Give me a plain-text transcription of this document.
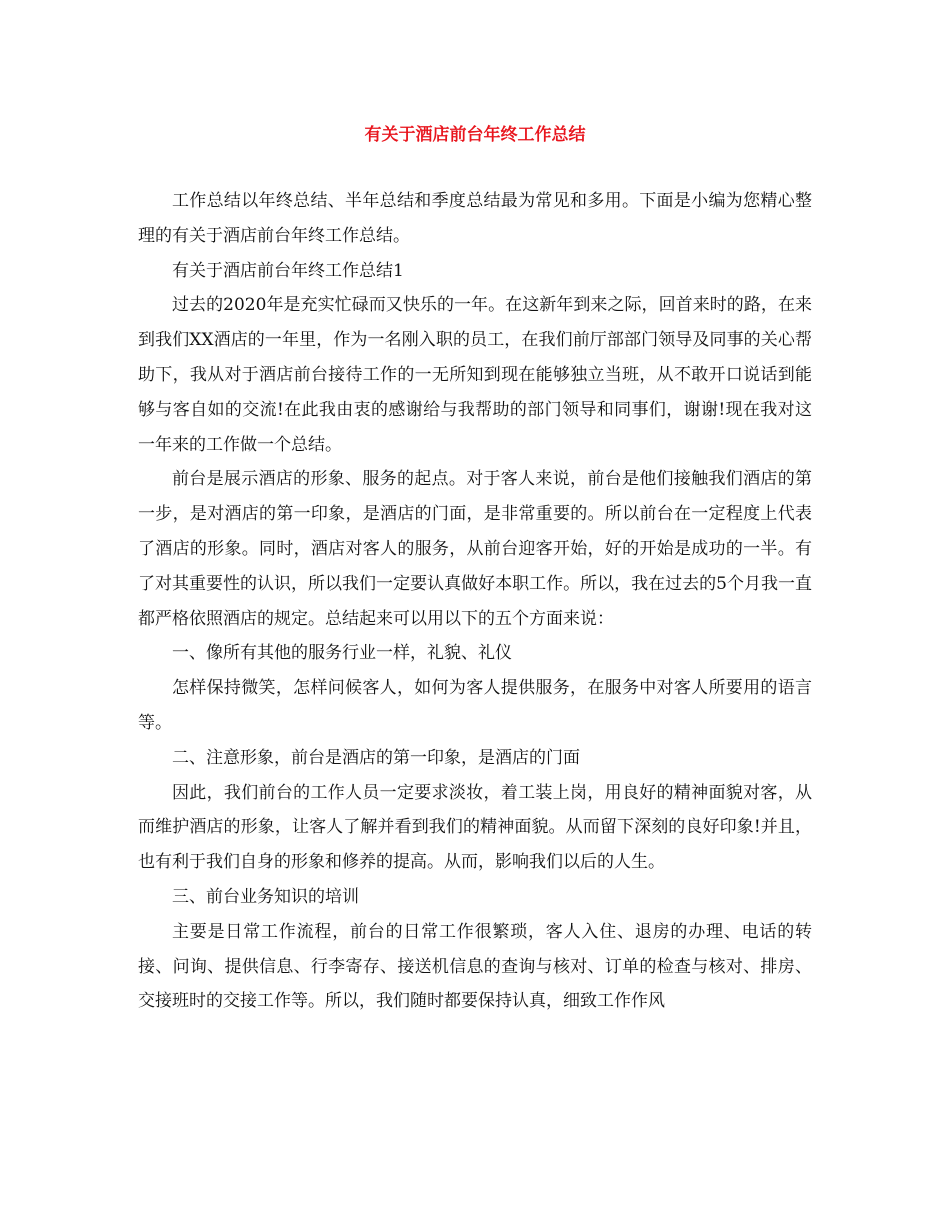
有关于酒店前台年终工作总结

工作总结以年终总结、半年总结和季度总结最为常见和多用。下面是小编为您精心整理的有关于酒店前台年终工作总结。

有关于酒店前台年终工作总结1

过去的2020年是充实忙碌而又快乐的一年。在这新年到来之际，回首来时的路，在来到我们XX酒店的一年里，作为一名刚入职的员工，在我们前厅部部门领导及同事的关心帮助下，我从对于酒店前台接待工作的一无所知到现在能够独立当班，从不敢开口说话到能够与客自如的交流!在此我由衷的感谢给与我帮助的部门领导和同事们，谢谢!现在我对这一年来的工作做一个总结。

前台是展示酒店的形象、服务的起点。对于客人来说，前台是他们接触我们酒店的第一步，是对酒店的第一印象，是酒店的门面，是非常重要的。所以前台在一定程度上代表了酒店的形象。同时，酒店对客人的服务，从前台迎客开始，好的开始是成功的一半。有了对其重要性的认识，所以我们一定要认真做好本职工作。所以，我在过去的5个月我一直都严格依照酒店的规定。总结起来可以用以下的五个方面来说：

一、像所有其他的服务行业一样，礼貌、礼仪

怎样保持微笑，怎样问候客人，如何为客人提供服务，在服务中对客人所要用的语言等。

二、注意形象，前台是酒店的第一印象，是酒店的门面

因此，我们前台的工作人员一定要求淡妆，着工装上岗，用良好的精神面貌对客，从而维护酒店的形象，让客人了解并看到我们的精神面貌。从而留下深刻的良好印象!并且，也有利于我们自身的形象和修养的提高。从而，影响我们以后的人生。

三、前台业务知识的培训

主要是日常工作流程，前台的日常工作很繁琐，客人入住、退房的办理、电话的转接、问询、提供信息、行李寄存、接送机信息的查询与核对、订单的检查与核对、排房、交接班时的交接工作等。所以，我们随时都要保持认真，细致工作作风
